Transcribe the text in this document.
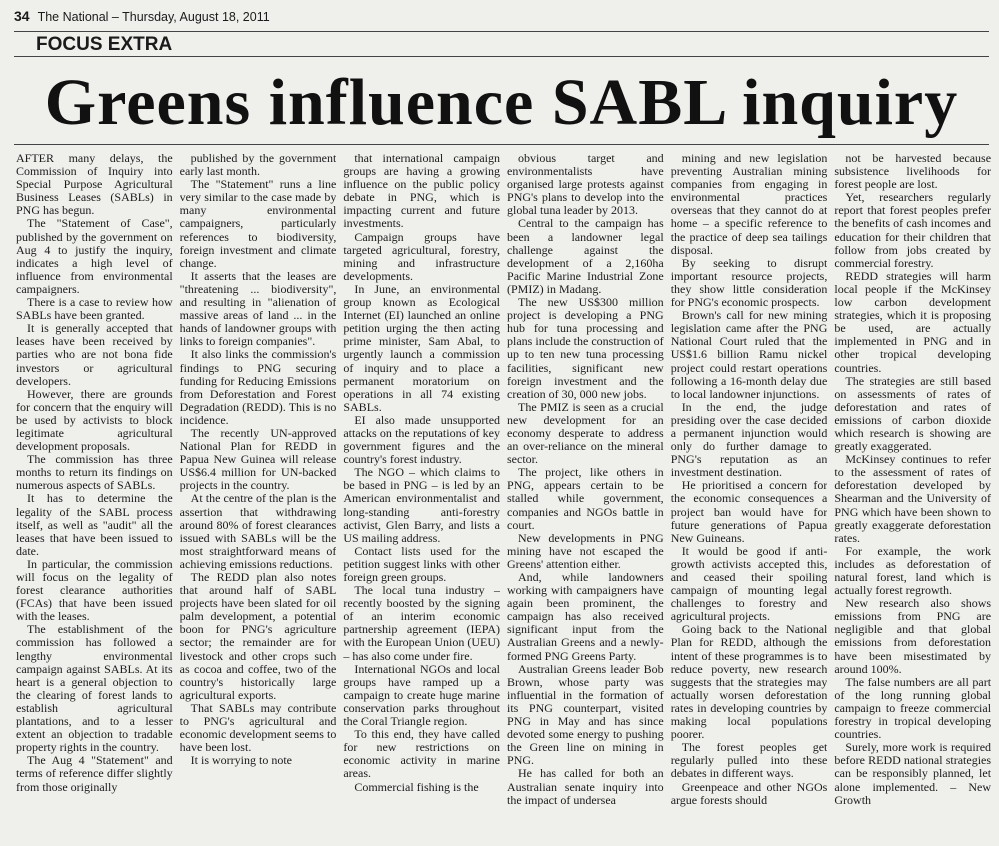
34 The National – Thursday, August 18, 2011
FOCUS EXTRA
Greens influence SABL inquiry

AFTER many delays, the Commission of Inquiry into Special Purpose Agricultural Business Leases (SABLs) in PNG has begun.

The "Statement of Case", published by the government on Aug 4 to justify the inquiry, indicates a high level of influence from environmental campaigners.

There is a case to review how SABLs have been granted.

It is generally accepted that leases have been received by parties who are not bona fide investors or agricultural developers.

However, there are grounds for concern that the enquiry will be used by activists to block legitimate agricultural development proposals.

The commission has three months to return its findings on numerous aspects of SABLs.

It has to determine the legality of the SABL process itself, as well as "audit" all the leases that have been issued to date.

In particular, the commission will focus on the legality of forest clearance authorities (FCAs) that have been issued with the leases.

The establishment of the commission has followed a lengthy environmental campaign against SABLs. At its heart is a general objection to the clearing of forest lands to establish agricultural plantations, and to a lesser extent an objection to tradable property rights in the country.

The Aug 4 "Statement" and terms of reference differ slightly from those originally

published by the government early last month.

The "Statement" runs a line very similar to the case made by many environmental campaigners, particularly references to biodiversity, foreign investment and climate change.

It asserts that the leases are "threatening ... biodiversity", and resulting in "alienation of massive areas of land ... in the hands of landowner groups with links to foreign companies".

It also links the commission's findings to PNG securing funding for Reducing Emissions from Deforestation and Forest Degradation (REDD). This is no incidence.

The recently UN-approved National Plan for REDD in Papua New Guinea will release US$6.4 million for UN-backed projects in the country.

At the centre of the plan is the assertion that withdrawing around 80% of forest clearances issued with SABLs will be the most straightforward means of achieving emissions reductions.

The REDD plan also notes that around half of SABL projects have been slated for oil palm development, a potential boon for PNG's agriculture sector; the remainder are for livestock and other crops such as cocoa and coffee, two of the country's historically large agricultural exports.

That SABLs may contribute to PNG's agricultural and economic development seems to have been lost.

It is worrying to note

that international campaign groups are having a growing influence on the public policy debate in PNG, which is impacting current and future investments.

Campaign groups have targeted agricultural, forestry, mining and infrastructure developments.

In June, an environmental group known as Ecological Internet (EI) launched an online petition urging the then acting prime minister, Sam Abal, to urgently launch a commission of inquiry and to place a permanent moratorium on operations in all 74 existing SABLs.

EI also made unsupported attacks on the reputations of key government figures and the country's forest industry.

The NGO – which claims to be based in PNG – is led by an American environmentalist and long-standing anti-forestry activist, Glen Barry, and lists a US mailing address.

Contact lists used for the petition suggest links with other foreign green groups.

The local tuna industry – recently boosted by the signing of an interim economic partnership agreement (IEPA) with the European Union (UEU) – has also come under fire.

International NGOs and local groups have ramped up a campaign to create huge marine conservation parks throughout the Coral Triangle region.

To this end, they have called for new restrictions on economic activity in marine areas.

Commercial fishing is the

obvious target and environmentalists have organised large protests against PNG's plans to develop into the global tuna leader by 2013.

Central to the campaign has been a landowner legal challenge against the development of a 2,160ha Pacific Marine Industrial Zone (PMIZ) in Madang.

The new US$300 million project is developing a PNG hub for tuna processing and plans include the construction of up to ten new tuna processing facilities, significant new foreign investment and the creation of 30, 000 new jobs.

The PMIZ is seen as a crucial new development for an economy desperate to address an over-reliance on the mineral sector.

The project, like others in PNG, appears certain to be stalled while government, companies and NGOs battle in court.

New developments in PNG mining have not escaped the Greens' attention either.

And, while landowners working with campaigners have again been prominent, the campaign has also received significant input from the Australian Greens and a newly-formed PNG Greens Party.

Australian Greens leader Bob Brown, whose party was influential in the formation of its PNG counterpart, visited PNG in May and has since devoted some energy to pushing the Green line on mining in PNG.

He has called for both an Australian senate inquiry into the impact of undersea

mining and new legislation preventing Australian mining companies from engaging in environmental practices overseas that they cannot do at home – a specific reference to the practice of deep sea tailings disposal.

By seeking to disrupt important resource projects, they show little consideration for PNG's economic prospects.

Brown's call for new mining legislation came after the PNG National Court ruled that the US$1.6 billion Ramu nickel project could restart operations following a 16-month delay due to local landowner injunctions.

In the end, the judge presiding over the case decided a permanent injunction would only do further damage to PNG's reputation as an investment destination.

He prioritised a concern for the economic consequences a project ban would have for future generations of Papua New Guineans.

It would be good if anti-growth activists accepted this, and ceased their spoiling campaign of mounting legal challenges to forestry and agricultural projects.

Going back to the National Plan for REDD, although the intent of these programmes is to reduce poverty, new research suggests that the strategies may actually worsen deforestation rates in developing countries by making local populations poorer.

The forest peoples get regularly pulled into these debates in different ways.

Greenpeace and other NGOs argue forests should

not be harvested because subsistence livelihoods for forest people are lost.

Yet, researchers regularly report that forest peoples prefer the benefits of cash incomes and education for their children that follow from jobs created by commercial forestry.

REDD strategies will harm local people if the McKinsey low carbon development strategies, which it is proposing be used, are actually implemented in PNG and in other tropical developing countries.

The strategies are still based on assessments of rates of deforestation and rates of emissions of carbon dioxide which research is showing are greatly exaggerated.

McKinsey continues to refer to the assessment of rates of deforestation developed by Shearman and the University of PNG which have been shown to greatly exaggerate deforestation rates.

For example, the work includes as deforestation of natural forest, land which is actually forest regrowth.

New research also shows emissions from PNG are negligible and that global emissions from deforestation have been misestimated by around 100%.

The false numbers are all part of the long running global campaign to freeze commercial forestry in tropical developing countries.

Surely, more work is required before REDD national strategies can be responsibly planned, let alone implemented. – New Growth
